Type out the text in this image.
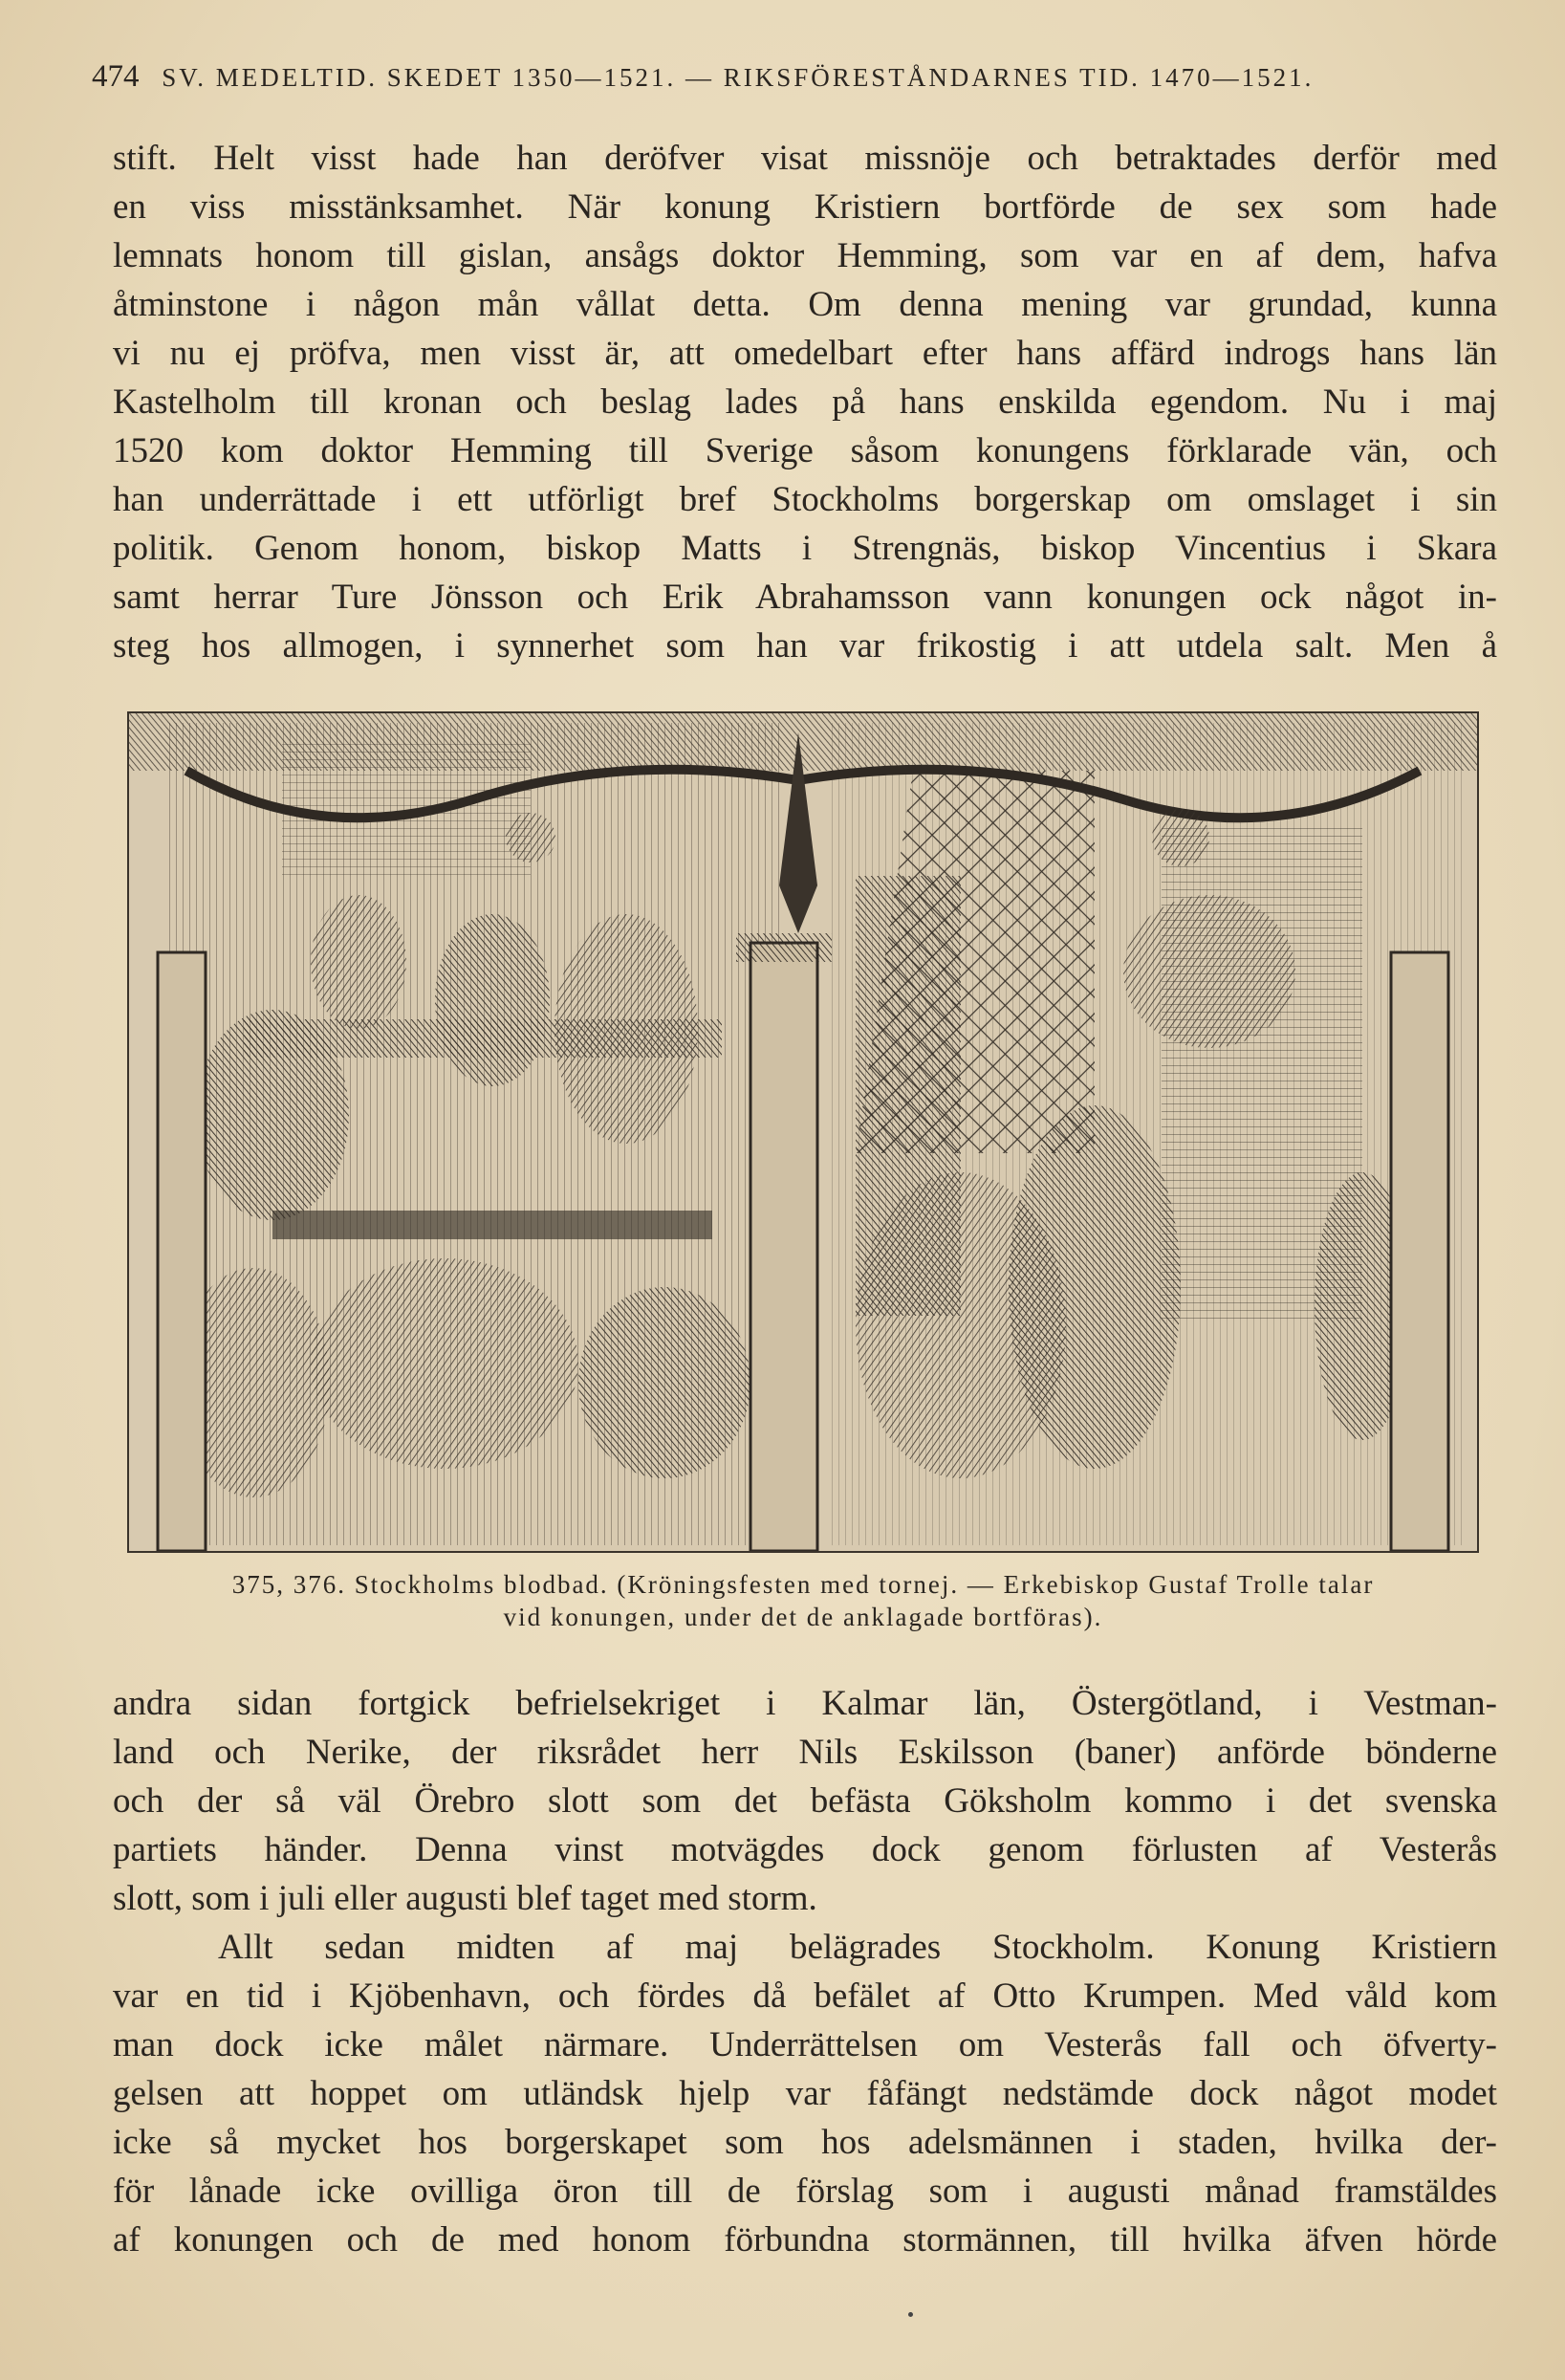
474 SV. MEDELTID. SKEDET 1350—1521. — RIKSFÖRESTÅNDARNES TID. 1470—1521.
stift. Helt visst hade han deröfver visat missnöje och betraktades derför med
en viss misstänksamhet. När konung Kristiern bortförde de sex som hade
lemnats honom till gislan, ansågs doktor Hemming, som var en af dem, hafva
åtminstone i någon mån vållat detta. Om denna mening var grundad, kunna
vi nu ej pröfva, men visst är, att omedelbart efter hans affärd indrogs hans län
Kastelholm till kronan och beslag lades på hans enskilda egendom. Nu i maj
1520 kom doktor Hemming till Sverige såsom konungens förklarade vän, och
han underrättade i ett utförligt bref Stockholms borgerskap om omslaget i sin
politik. Genom honom, biskop Matts i Strengnäs, biskop Vincentius i Skara
samt herrar Ture Jönsson och Erik Abrahamsson vann konungen ock något in-
steg hos allmogen, i synnerhet som han var frikostig i att utdela salt. Men å
375, 376. Stockholms blodbad. (Kröningsfesten med tornej. — Erkebiskop Gustaf Trolle talar
vid konungen, under det de anklagade bortföras).
andra sidan fortgick befrielsekriget i Kalmar län, Östergötland, i Vestman-
land och Nerike, der riksrådet herr Nils Eskilsson (baner) anförde bönderne
och der så väl Örebro slott som det befästa Göksholm kommo i det svenska
partiets händer. Denna vinst motvägdes dock genom förlusten af Vesterås
slott, som i juli eller augusti blef taget med storm.
Allt sedan midten af maj belägrades Stockholm. Konung Kristiern
var en tid i Kjöbenhavn, och fördes då befälet af Otto Krumpen. Med våld kom
man dock icke målet närmare. Underrättelsen om Vesterås fall och öfverty-
gelsen att hoppet om utländsk hjelp var fåfängt nedstämde dock något modet
icke så mycket hos borgerskapet som hos adelsmännen i staden, hvilka der-
för lånade icke ovilliga öron till de förslag som i augusti månad framstäldes
af konungen och de med honom förbundna stormännen, till hvilka äfven hörde
